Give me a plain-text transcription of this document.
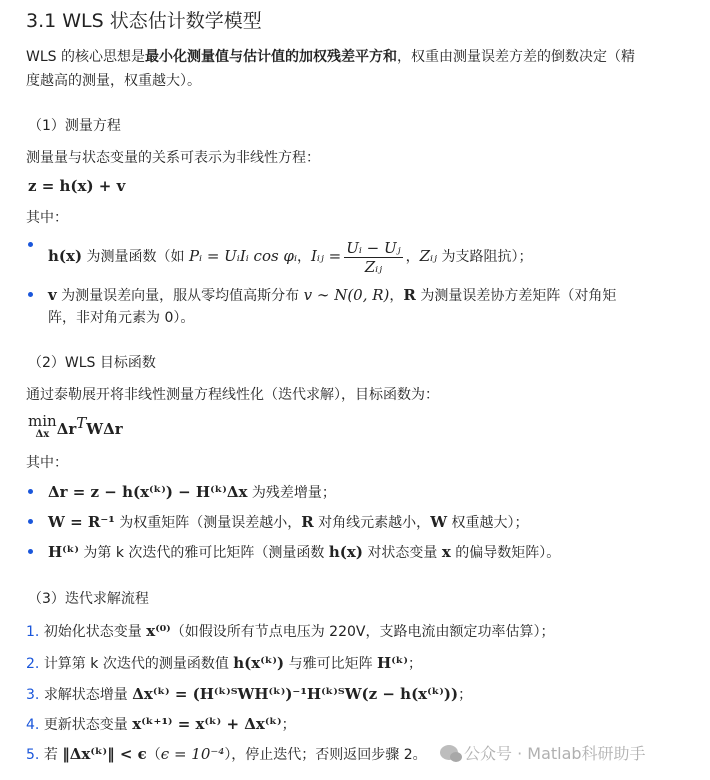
3.1 WLS 状态估计数学模型
WLS 的核心思想是最小化测量值与估计值的加权残差平方和，权重由测量误差方差的倒数决定（精
度越高的测量，权重越大）。
（1）测量方程
测量量与状态变量的关系可表示为非线性方程：
z = h(x) + v
其中：
h(x) 为测量函数（如 Pᵢ = UᵢIᵢ cos φᵢ，Iᵢⱼ = $\frac{\text{Uᵢ − Uⱼ}}{\text{Zᵢⱼ}}$ ，Zᵢⱼ 为支路阻抗）；
v 为测量误差向量，服从零均值高斯分布 v ∼ N(0, R)，R 为测量误差协方差矩阵（对角矩
阵，非对角元素为 0）。
（2）WLS 目标函数
通过泰勒展开将非线性测量方程线性化（迭代求解），目标函数为：
min
Δx $\Delta r^TW\Delta r$
其中：
Δr = z − h(x⁽ᵏ⁾) − H⁽ᵏ⁾Δx 为残差增量；
W = R⁻¹ 为权重矩阵（测量误差越小，R 对角线元素越小，W 权重越大）；
H⁽ᵏ⁾ 为第 k 次迭代的雅可比矩阵（测量函数 h(x) 对状态变量 x 的偏导数矩阵）。
（3）迭代求解流程
1. 初始化状态变量 x⁽⁰⁾（如假设所有节点电压为 220V，支路电流由额定功率估算）；
2. 计算第 k 次迭代的测量函数值 h(x⁽ᵏ⁾) 与雅可比矩阵 H⁽ᵏ⁾；
3. 求解状态增量 Δx⁽ᵏ⁾ = (H⁽ᵏ⁾ᵀWH⁽ᵏ⁾)⁻¹H⁽ᵏ⁾ᵀW(z − h(x⁽ᵏ⁾))；
4. 更新状态变量 x⁽ᵏ⁺¹⁾ = x⁽ᵏ⁾ + Δx⁽ᵏ⁾；
5. 若 ‖Δx⁽ᵏ⁾‖ < ϵ（ϵ = 10⁻⁴），停止迭代；否则返回步骤 2。 公众号 · Matlab科研助手
